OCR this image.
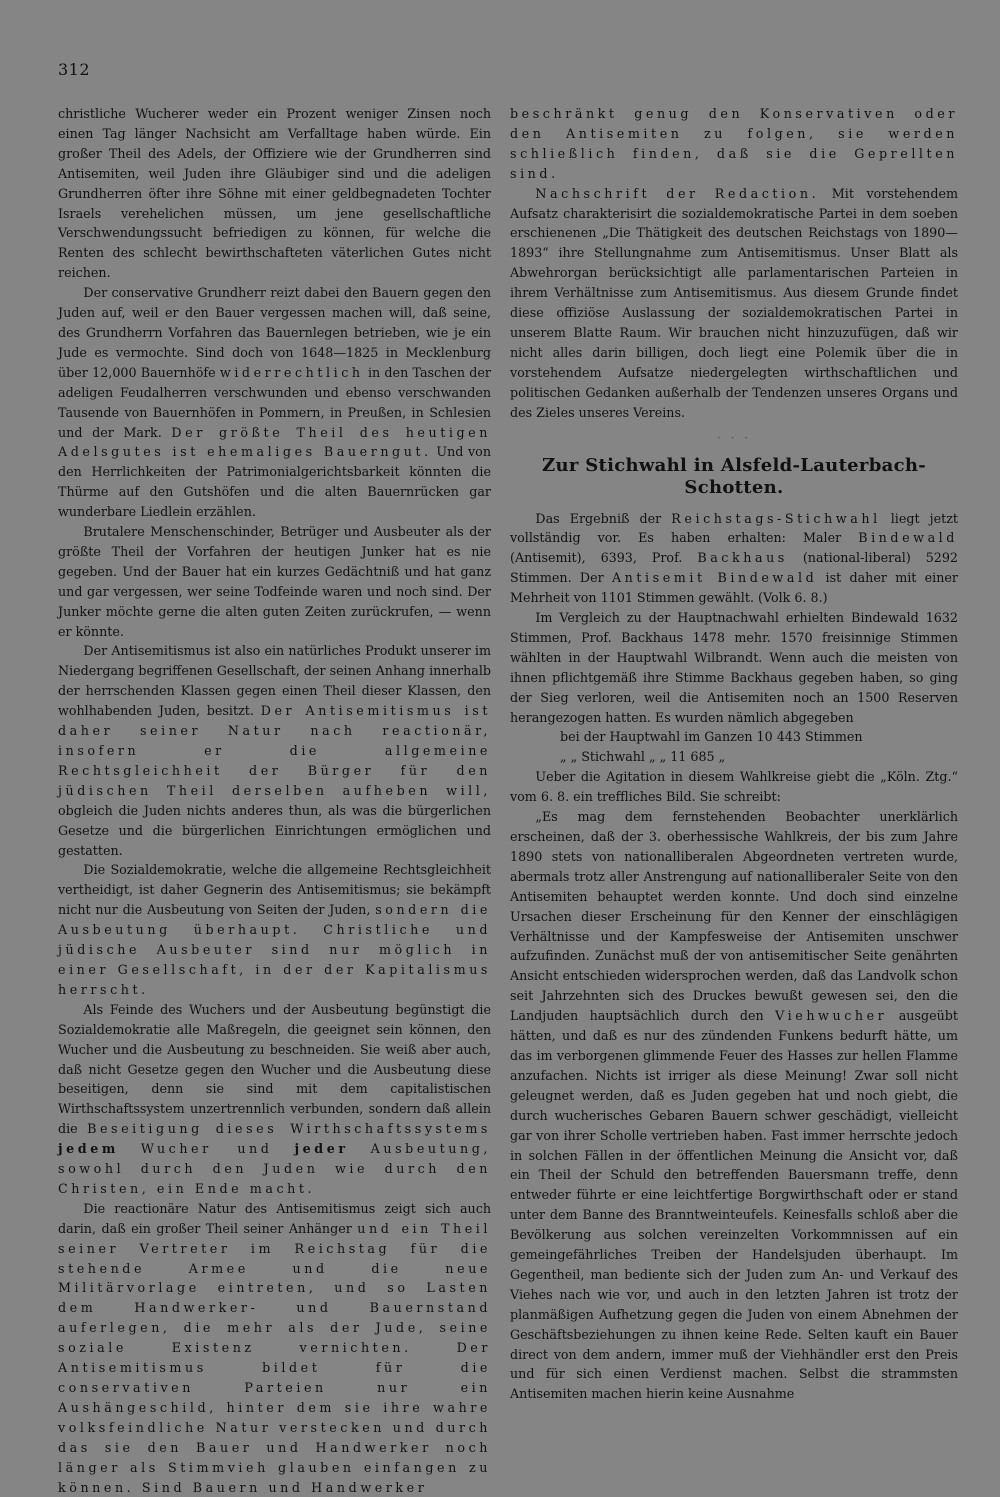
312

christliche Wucherer weder ein Prozent weniger Zinsen noch einen Tag länger Nachsicht am Verfalltage haben würde. Ein großer Theil des Adels, der Offiziere wie der Grundherren sind Antisemiten, weil Juden ihre Gläubiger sind und die adeligen Grundherren öfter ihre Söhne mit einer geldbegnadeten Tochter Israels verehelichen müssen, um jene gesellschaftliche Verschwendungssucht befriedigen zu können, für welche die Renten des schlecht bewirthschafteten väterlichen Gutes nicht reichen.

Der conservative Grundherr reizt dabei den Bauern gegen den Juden auf, weil er den Bauer vergessen machen will, daß seine, des Grundherrn Vorfahren das Bauernlegen betrieben, wie je ein Jude es vermochte. Sind doch von 1648—1825 in Mecklenburg über 12,000 Bauernhöfe widerrechtlich in den Taschen der adeligen Feudalherren verschwunden und ebenso verschwanden Tausende von Bauernhöfen in Pommern, in Preußen, in Schlesien und der Mark. Der größte Theil des heutigen Adelsgutes ist ehemaliges Bauerngut. Und von den Herrlichkeiten der Patrimonialgerichtsbarkeit könnten die Thürme auf den Gutshöfen und die alten Bauernrücken gar wunderbare Liedlein erzählen.

Brutalere Menschenschinder, Betrüger und Ausbeuter als der größte Theil der Vorfahren der heutigen Junker hat es nie gegeben. Und der Bauer hat ein kurzes Gedächtniß und hat ganz und gar vergessen, wer seine Todfeinde waren und noch sind. Der Junker möchte gerne die alten guten Zeiten zurückrufen, — wenn er könnte.

Der Antisemitismus ist also ein natürliches Produkt unserer im Niedergang begriffenen Gesellschaft, der seinen Anhang innerhalb der herrschenden Klassen gegen einen Theil dieser Klassen, den wohlhabenden Juden, besitzt. Der Antisemitismus ist daher seiner Natur nach reactionär, insofern er die allgemeine Rechtsgleichheit der Bürger für den jüdischen Theil derselben aufheben will, obgleich die Juden nichts anderes thun, als was die bürgerlichen Gesetze und die bürgerlichen Einrichtungen ermöglichen und gestatten.

Die Sozialdemokratie, welche die allgemeine Rechtsgleichheit vertheidigt, ist daher Gegnerin des Antisemitismus; sie bekämpft nicht nur die Ausbeutung von Seiten der Juden, sondern die Ausbeutung überhaupt. Christliche und jüdische Ausbeuter sind nur möglich in einer Gesellschaft, in der der Kapitalismus herrscht.

Als Feinde des Wuchers und der Ausbeutung begünstigt die Sozialdemokratie alle Maßregeln, die geeignet sein können, den Wucher und die Ausbeutung zu beschneiden. Sie weiß aber auch, daß nicht Gesetze gegen den Wucher und die Ausbeutung diese beseitigen, denn sie sind mit dem capitalistischen Wirthschaftssystem unzertrennlich verbunden, sondern daß allein die Beseitigung dieses Wirthschaftssystems jedem Wucher und jeder Ausbeutung, sowohl durch den Juden wie durch den Christen, ein Ende macht.

Die reactionäre Natur des Antisemitismus zeigt sich auch darin, daß ein großer Theil seiner Anhänger und ein Theil seiner Vertreter im Reichstag für die stehende Armee und die neue Militärvorlage eintreten, und so Lasten dem Handwerker- und Bauernstand auferlegen, die mehr als der Jude, seine soziale Existenz vernichten. Der Antisemitismus bildet für die conservativen Parteien nur ein Aushängeschild, hinter dem sie ihre wahre volksfeindliche Natur verstecken und durch das sie den Bauer und Handwerker noch länger als Stimmvieh glauben einfangen zu können. Sind Bauern und Handwerker

beschränkt genug den Konservativen oder den Antisemiten zu folgen, sie werden schließlich finden, daß sie die Geprellten sind.

Nachschrift der Redaction. Mit vorstehendem Aufsatz charakterisirt die sozialdemokratische Partei in dem soeben erschienenen „Die Thätigkeit des deutschen Reichstags von 1890—1893“ ihre Stellungnahme zum Antisemitismus. Unser Blatt als Abwehrorgan berücksichtigt alle parlamentarischen Parteien in ihrem Verhältnisse zum Antisemitismus. Aus diesem Grunde findet diese offiziöse Auslassung der sozialdemokratischen Partei in unserem Blatte Raum. Wir brauchen nicht hinzuzufügen, daß wir nicht alles darin billigen, doch liegt eine Polemik über die in vorstehendem Aufsatze niedergelegten wirthschaftlichen und politischen Gedanken außerhalb der Tendenzen unseres Organs und des Zieles unseres Vereins.

· · ·
Zur Stichwahl in Alsfeld-Lauterbach-Schotten.

Das Ergebniß der Reichstags-Stichwahl liegt jetzt vollständig vor. Es haben erhalten: Maler Bindewald (Antisemit), 6393, Prof. Backhaus (national-liberal) 5292 Stimmen. Der Antisemit Bindewald ist daher mit einer Mehrheit von 1101 Stimmen gewählt. (Volk 6. 8.)

Im Vergleich zu der Hauptnachwahl erhielten Bindewald 1632 Stimmen, Prof. Backhaus 1478 mehr. 1570 freisinnige Stimmen wählten in der Hauptwahl Wilbrandt. Wenn auch die meisten von ihnen pflichtgemäß ihre Stimme Backhaus gegeben haben, so ging der Sieg verloren, weil die Antisemiten noch an 1500 Reserven herangezogen hatten. Es wurden nämlich abgegeben

bei der Hauptwahl im Ganzen 10 443 Stimmen
„ „ Stichwahl „ „ 11 685 „

Ueber die Agitation in diesem Wahlkreise giebt die „Köln. Ztg.“ vom 6. 8. ein treffliches Bild. Sie schreibt:

„Es mag dem fernstehenden Beobachter unerklärlich erscheinen, daß der 3. oberhessische Wahlkreis, der bis zum Jahre 1890 stets von nationalliberalen Abgeordneten vertreten wurde, abermals trotz aller Anstrengung auf nationalliberaler Seite von den Antisemiten behauptet werden konnte. Und doch sind einzelne Ursachen dieser Erscheinung für den Kenner der einschlägigen Verhältnisse und der Kampfesweise der Antisemiten unschwer aufzufinden. Zunächst muß der von antisemitischer Seite genährten Ansicht entschieden widersprochen werden, daß das Landvolk schon seit Jahrzehnten sich des Druckes bewußt gewesen sei, den die Landjuden hauptsächlich durch den Viehwucher ausgeübt hätten, und daß es nur des zündenden Funkens bedurft hätte, um das im verborgenen glimmende Feuer des Hasses zur hellen Flamme anzufachen. Nichts ist irriger als diese Meinung! Zwar soll nicht geleugnet werden, daß es Juden gegeben hat und noch giebt, die durch wucherisches Gebaren Bauern schwer geschädigt, vielleicht gar von ihrer Scholle vertrieben haben. Fast immer herrschte jedoch in solchen Fällen in der öffentlichen Meinung die Ansicht vor, daß ein Theil der Schuld den betreffenden Bauersmann treffe, denn entweder führte er eine leichtfertige Borgwirthschaft oder er stand unter dem Banne des Branntweinteufels. Keinesfalls schloß aber die Bevölkerung aus solchen vereinzelten Vorkommnissen auf ein gemeingefährliches Treiben der Handelsjuden überhaupt. Im Gegentheil, man bediente sich der Juden zum An- und Verkauf des Viehes nach wie vor, und auch in den letzten Jahren ist trotz der planmäßigen Aufhetzung gegen die Juden von einem Abnehmen der Geschäftsbeziehungen zu ihnen keine Rede. Selten kauft ein Bauer direct von dem andern, immer muß der Viehhändler erst den Preis und für sich einen Verdienst machen. Selbst die strammsten Antisemiten machen hierin keine Ausnahme
